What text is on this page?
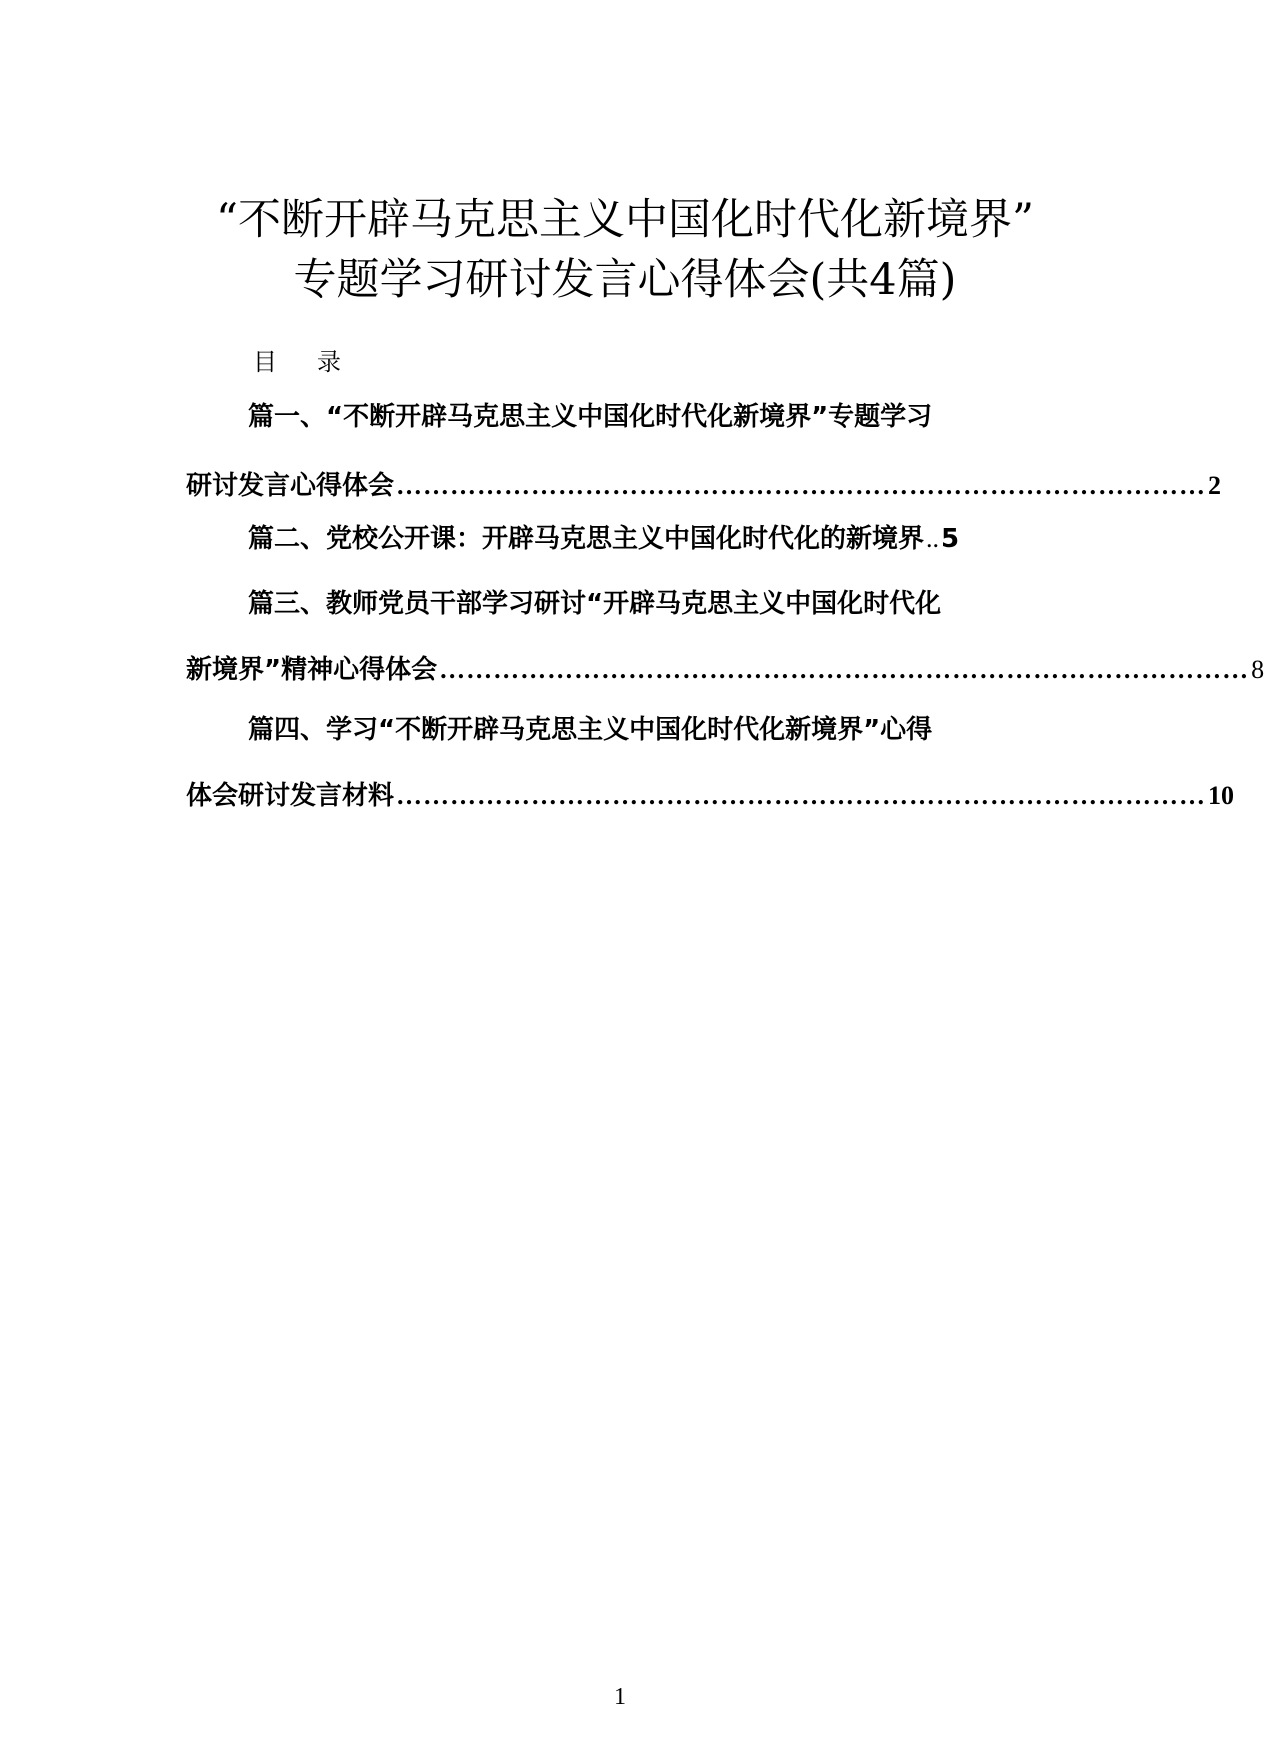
“不断开辟马克思主义中国化时代化新境界”
专题学习研讨发言心得体会(共4篇)
目 录
篇一、“不断开辟马克思主义中国化时代化新境界”专题学习
研讨发言心得体会 ……………………………………………………………………………… 2
篇二、党校公开课：开辟马克思主义中国化时代化的新境界 .. 5
篇三、教师党员干部学习研讨“开辟马克思主义中国化时代化
新境界”精神心得体会 ……………………………………………………………………………… 8
篇四、学习“不断开辟马克思主义中国化时代化新境界”心得
体会研讨发言材料 ……………………………………………………………………………… 10
1
